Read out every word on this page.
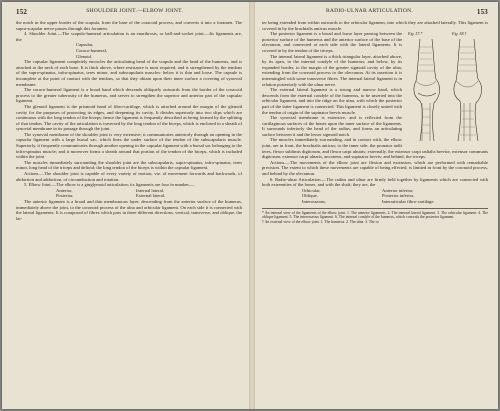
152	SHOULDER JOINT.—ELBOW JOINT.

the notch in the upper border of the scapula, from the base of the coracoid process, and converts it into a foramen. The supra-scapular nerve passes through this foramen.

4. Shoulder Joint.—The scapulo-humeral articulation is an enarthrosis, or ball-and-socket joint.—Its ligaments are, the

Capsular,
Coraco-humeral,
Glenoid.

The capsular ligament completely encircles the articulating head of the scapula and the head of the humerus, and is attached to the neck of each bone. It is thick above, where resistance is most required, and is strengthened by the tendons of the supra-spinatus, infra-spinatus, teres minor, and subscapularis muscles: below it is thin and loose. The capsule is incomplete at the point of contact with the tendons, so that they obtain upon their inner surface a covering of synovial membrane.

The coraco-humeral ligament is a broad band which descends obliquely outwards from the border of the coracoid process to the greater tuberosity of the humerus, and serves to strengthen the superior and anterior part of the capsular ligament.

The glenoid ligament is the prismoid band of fibro-cartilage, which is attached around the margin of the glenoid cavity for the purposes of protecting its edges, and deepening its cavity. It divides superiorly into two slips which are continuous with the long tendon of the biceps; hence the ligament is frequently described as being formed by the splitting of that tendon. The cavity of the articulation is traversed by the long tendon of the biceps, which is enclosed in a sheath of synovial membrane in its passage through the joint.

The synovial membrane of the shoulder joint is very extensive; it communicates anteriorly through an opening in the capsular ligament with a large bursal sac, which lines the under surface of the tendon of the subscapularis muscle. Superiorly, it frequently communicates through another opening in the capsular ligament with a bursal sac belonging to the infra-spinatus muscle; and it moreover forms a sheath around that portion of the tendon of the biceps, which is included within the joint.

The muscles immediately surrounding the shoulder joint are the subscapularis, supra-spinatus, infra-spinatus, teres minor, long head of the triceps and deltoid; the long tendon of the biceps is within the capsular ligament.

Actions.—The shoulder joint is capable of every variety of motion, viz. of movement forwards and backwards, of abduction and adduction, of circumduction and rotation.

5. Elbow Joint.—The elbow is a ginglymoid articulation; its ligaments are four in number,—

Anterior,	Internal lateral,
Posterior,	External lateral.

The anterior ligament is a broad and thin membranous layer, descending from the anterior surface of the humerus, immediately above the joint, to the coronoid process of the ulna and orbicular ligament. On each side it is connected with the lateral ligaments. It is composed of fibres which pass in three different directions, vertical, transverse, and oblique, the lat-

RADIO-ULNAR ARTICULATION.	153

ter being extended from within outwards to the orbicular ligament, into which they are attached laterally. This ligament is covered in by the brachialis anticus muscle.

Fig. 57.*	Fig. 58.†

The posterior ligament is a broad and loose layer passing between the posterior surface of the humerus and the anterior surface of the base of the olecranon, and connected at each side with the lateral ligaments. It is covered in by the tendon of the triceps.

The internal lateral ligament is a thick triangular layer, attached above, by its apex, to the internal condyle of the humerus; and below, by its expanded border, to the margin of the greater sigmoid cavity of the ulna, extending from the coronoid process to the olecranon. At its insertion it is intermingled with some transverse fibres. The internal lateral ligament is in relation posteriorly with the ulnar nerve.

The external lateral ligament is a strong and narrow band, which descends from the external condyle of the humerus, to be inserted into the orbicular ligament, and into the ridge on the ulna, with which the posterior part of the latter ligament is connected. This ligament is closely united with the tendon of origin of the supinator brevis muscle.

The synovial membrane is extensive, and is reflected from the cartilaginous surfaces of the bones upon the inner surface of the ligaments. It surrounds inferiorly the head of the radius, and forms an articulating surface between it and the lesser sigmoid notch.

The muscles immediately surrounding, and in contact with, the elbow joint, are in front, the brachialis anticus; to the inner side, the pronator radii teres, flexor sublimis digitorum, and flexor carpi ulnaris; externally, the extensor carpi radialis brevior, extensor communis digitorum, extensor carpi ulnaris, anconeus, and supinator brevis; and behind, the triceps.

Actions.—The movements of the elbow joint are flexion and extension, which are performed with remarkable precision. The extent to which these movements are capable of being effected, is limited in front by the coronoid process, and behind by the olecranon.

6. Radio-ulnar Articulation.—The radius and ulnar are firmly held together by ligaments which are connected with both extremities of the bones, and with the shaft; they are, the

Orbicular,	Anterior inferior,
Oblique,	Posterior inferior,
Interosseous,	Interarticular fibro-cartilage.
* An internal view of the ligaments of the elbow joint. 1. The anterior ligaments. 2. The internal lateral ligament. 3. The orbicular ligament. 4. The oblique ligament. 5. The interosseous ligament. 6. The internal condyle of the humerus, which conceals the posterior ligament.
† An external view of the elbow joint. 1. The humerus. 2. The ulna. 3. The ra
